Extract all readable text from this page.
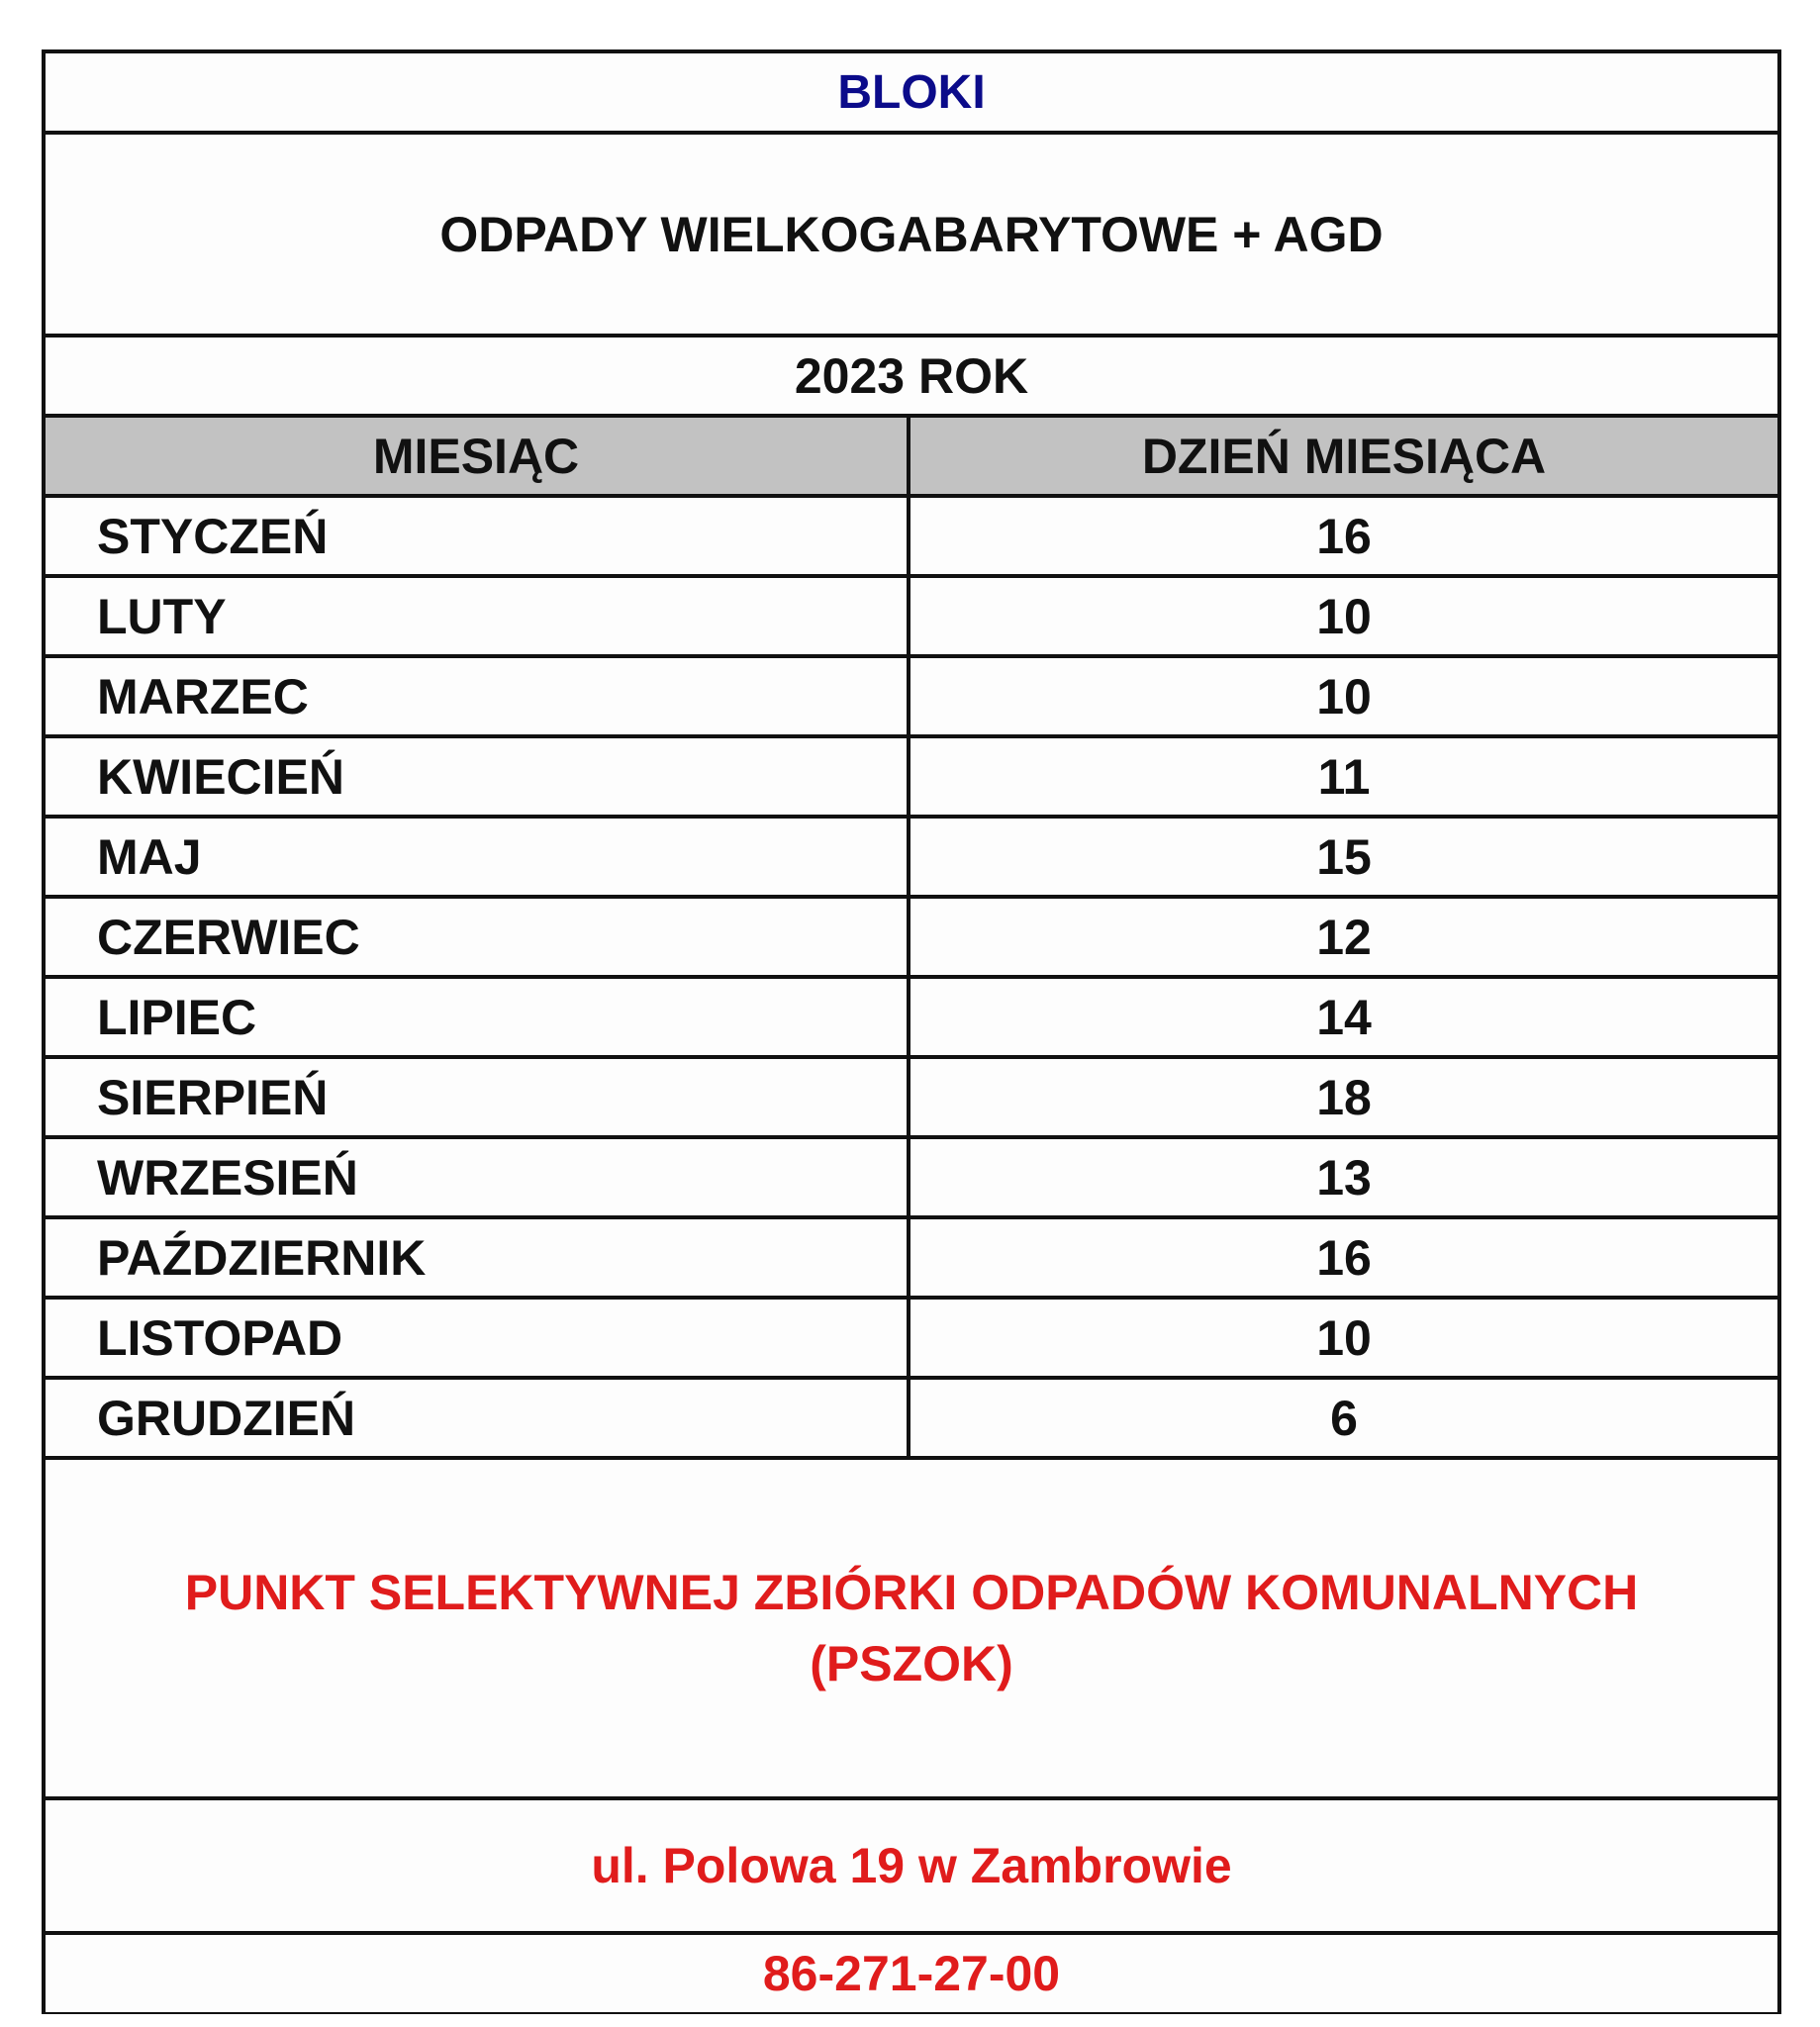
BLOKI
ODPADY WIELKOGABARYTOWE + AGD
2023 ROK
MIESIĄC	DZIEŃ MIESIĄCA
STYCZEŃ	16
LUTY	10
MARZEC	10
KWIECIEŃ	11
MAJ	15
CZERWIEC	12
LIPIEC	14
SIERPIEŃ	18
WRZESIEŃ	13
PAŹDZIERNIK	16
LISTOPAD	10
GRUDZIEŃ	6
PUNKT SELEKTYWNEJ ZBIÓRKI ODPADÓW KOMUNALNYCH
(PSZOK)
ul. Polowa 19 w Zambrowie
86-271-27-00
